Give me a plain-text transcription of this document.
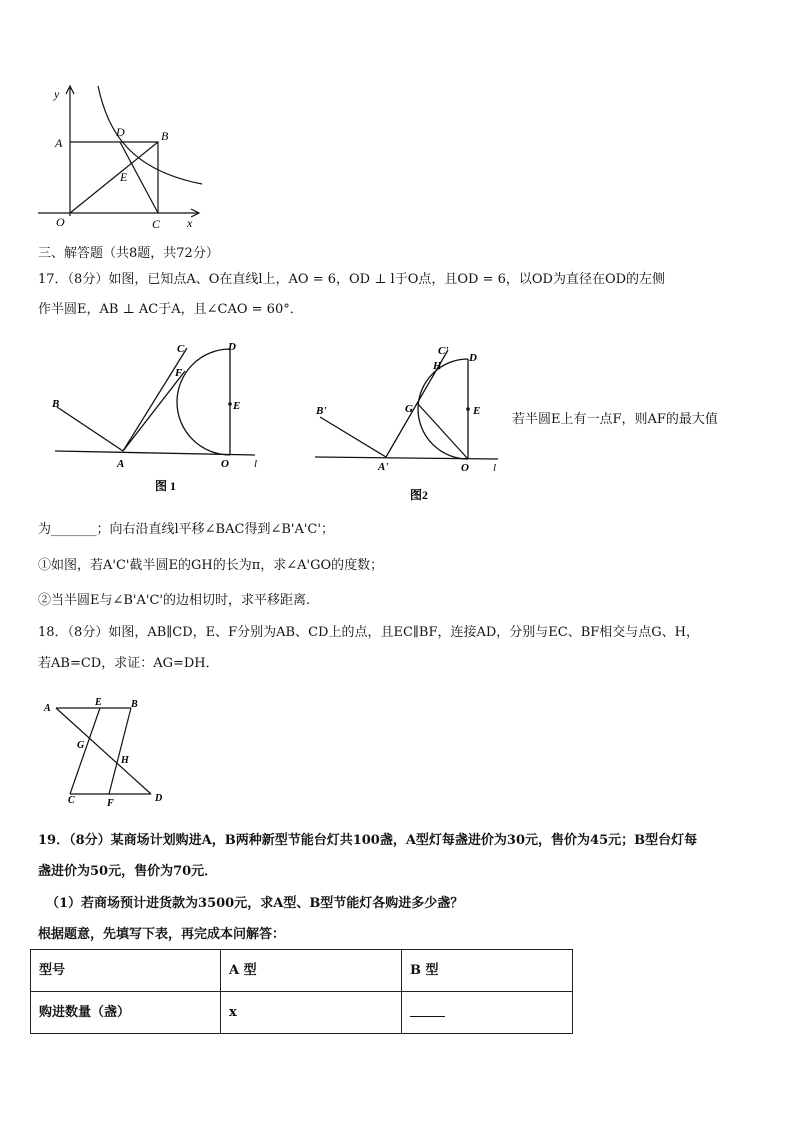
y
x
A
D	B
E
O	C
三、解答题（共8题，共72分）
17．（8分）如图，已知点A、O在直线l上，AO = 6，OD ⊥ l于O点，且OD = 6，以OD为直径在OD的左侧
作半圆E，AB ⊥ AC于A，且∠CAO = 60°．
C	D
F
E
B
A	O l
图 1
C'
H
D
G	E
B'
A'	O l
图2
若半圆E上有一点F，则AF的最大值
为_______；向右沿直线l平移∠BAC得到∠B'A'C'；
①如图，若A'C'截半圆E的GH的长为π，求∠A'GO的度数；
②当半圆E与∠B'A'C'的边相切时，求平移距离.
18．（8分）如图，AB∥CD，E、F分别为AB、CD上的点，且EC∥BF，连接AD，分别与EC、BF相交与点G、H，
若AB=CD，求证：AG=DH．
A
E	B
G
H
C	F	D
19．（8分）某商场计划购进A，B两种新型节能台灯共100盏，A型灯每盏进价为30元，售价为45元；B型台灯每
盏进价为50元，售价为70元．
（1）若商场预计进货款为3500元，求A型、B型节能灯各购进多少盏？
根据题意，先填写下表，再完成本问解答：
型号	A 型	B 型
购进数量（盏）	x	
